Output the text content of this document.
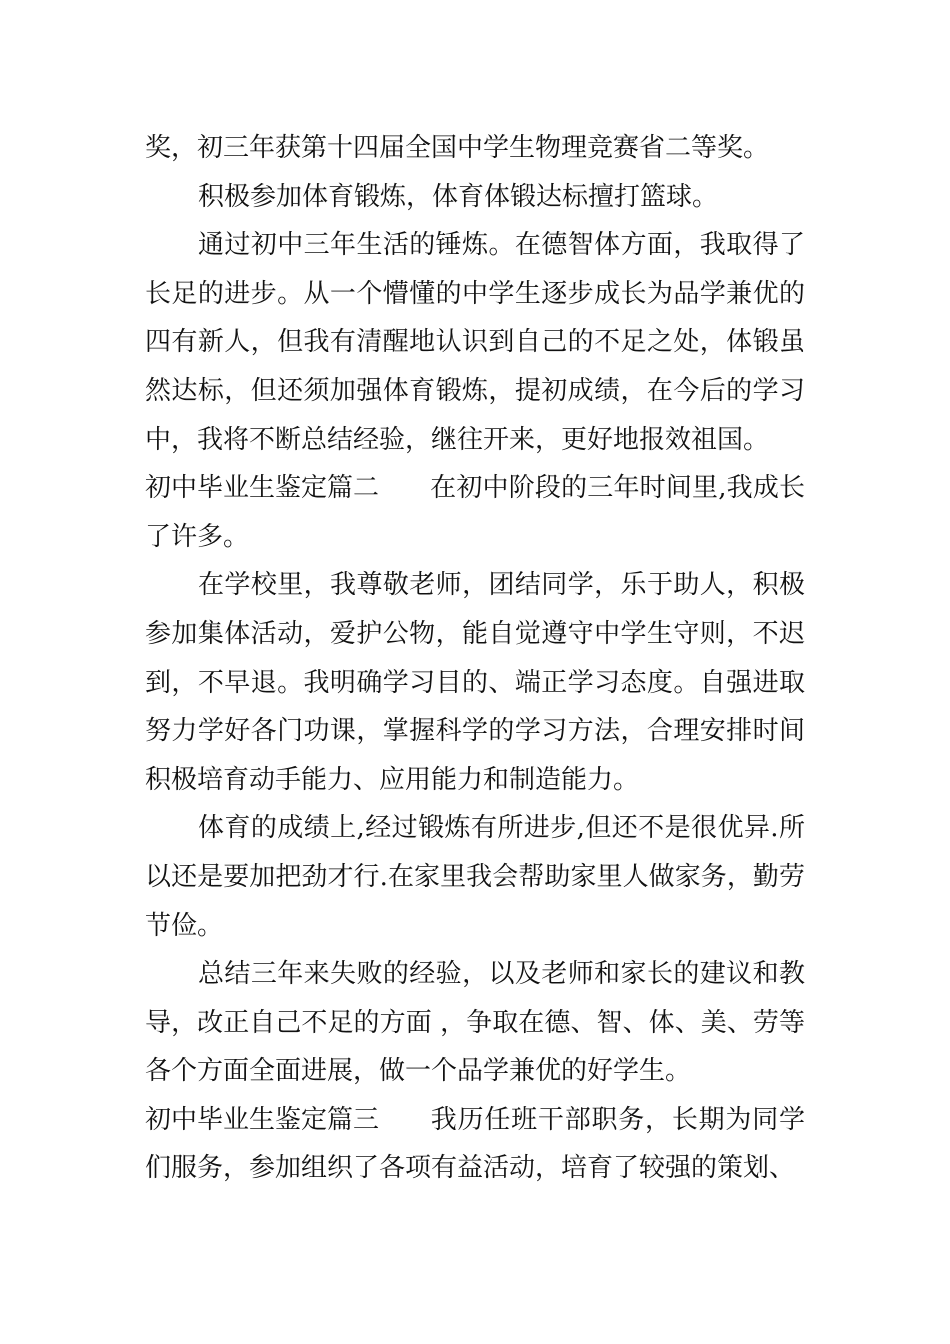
奖，初三年获第十四届全国中学生物理竞赛省二等奖。

积极参加体育锻炼，体育体锻达标擅打篮球。

通过初中三年生活的锤炼。在德智体方面，我取得了长足的进步。从一个懵懂的中学生逐步成长为品学兼优的四有新人，但我有清醒地认识到自己的不足之处，体锻虽然达标，但还须加强体育锻炼，提初成绩，在今后的学习中，我将不断总结经验，继往开来，更好地报效祖国。

初中毕业生鉴定篇二 在初中阶段的三年时间里,我成长了许多。

在学校里，我尊敬老师，团结同学，乐于助人，积极参加集体活动，爱护公物，能自觉遵守中学生守则，不迟到，不早退。我明确学习目的、端正学习态度。自强进取努力学好各门功课，掌握科学的学习方法，合理安排时间积极培育动手能力、应用能力和制造能力。

体育的成绩上,经过锻炼有所进步,但还不是很优异.所以还是要加把劲才行.在家里我会帮助家里人做家务，勤劳节俭。

总结三年来失败的经验，以及老师和家长的建议和教导，改正自己不足的方面 ，争取在德、智、体、美、劳等各个方面全面进展，做一个品学兼优的好学生。

初中毕业生鉴定篇三 我历任班干部职务，长期为同学们服务，参加组织了各项有益活动，培育了较强的策划、
